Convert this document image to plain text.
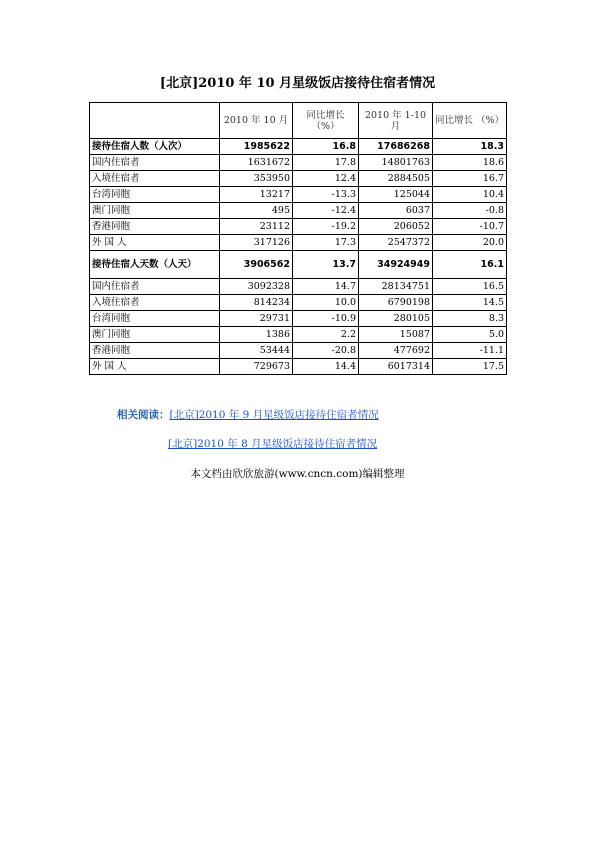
[北京]2010 年 10 月星级饭店接待住宿者情况
	2010 年 10 月	同比增长 （%）	2010 年 1-10 月	同比增长 （%）
接待住宿人数（人次）	1985622	16.8	17686268	18.3
国内住宿者	1631672	17.8	14801763	18.6
入境住宿者	353950	12.4	2884505	16.7
台湾同胞	13217	-13.3	125044	10.4
澳门同胞	495	-12.4	6037	-0.8
香港同胞	23112	-19.2	206052	-10.7
外 国 人	317126	17.3	2547372	20.0
接待住宿人天数（人天）	3906562	13.7	34924949	16.1
国内住宿者	3092328	14.7	28134751	16.5
入境住宿者	814234	10.0	6790198	14.5
台湾同胞	29731	-10.9	280105	8.3
澳门同胞	1386	2.2	15087	5.0
香港同胞	53444	-20.8	477692	-11.1
外 国 人	729673	14.4	6017314	17.5
相关阅读：[北京]2010 年 9 月星级饭店接待住宿者情况
[北京]2010 年 8 月星级饭店接待住宿者情况
本文档由欣欣旅游(www.cncn.com)编辑整理
